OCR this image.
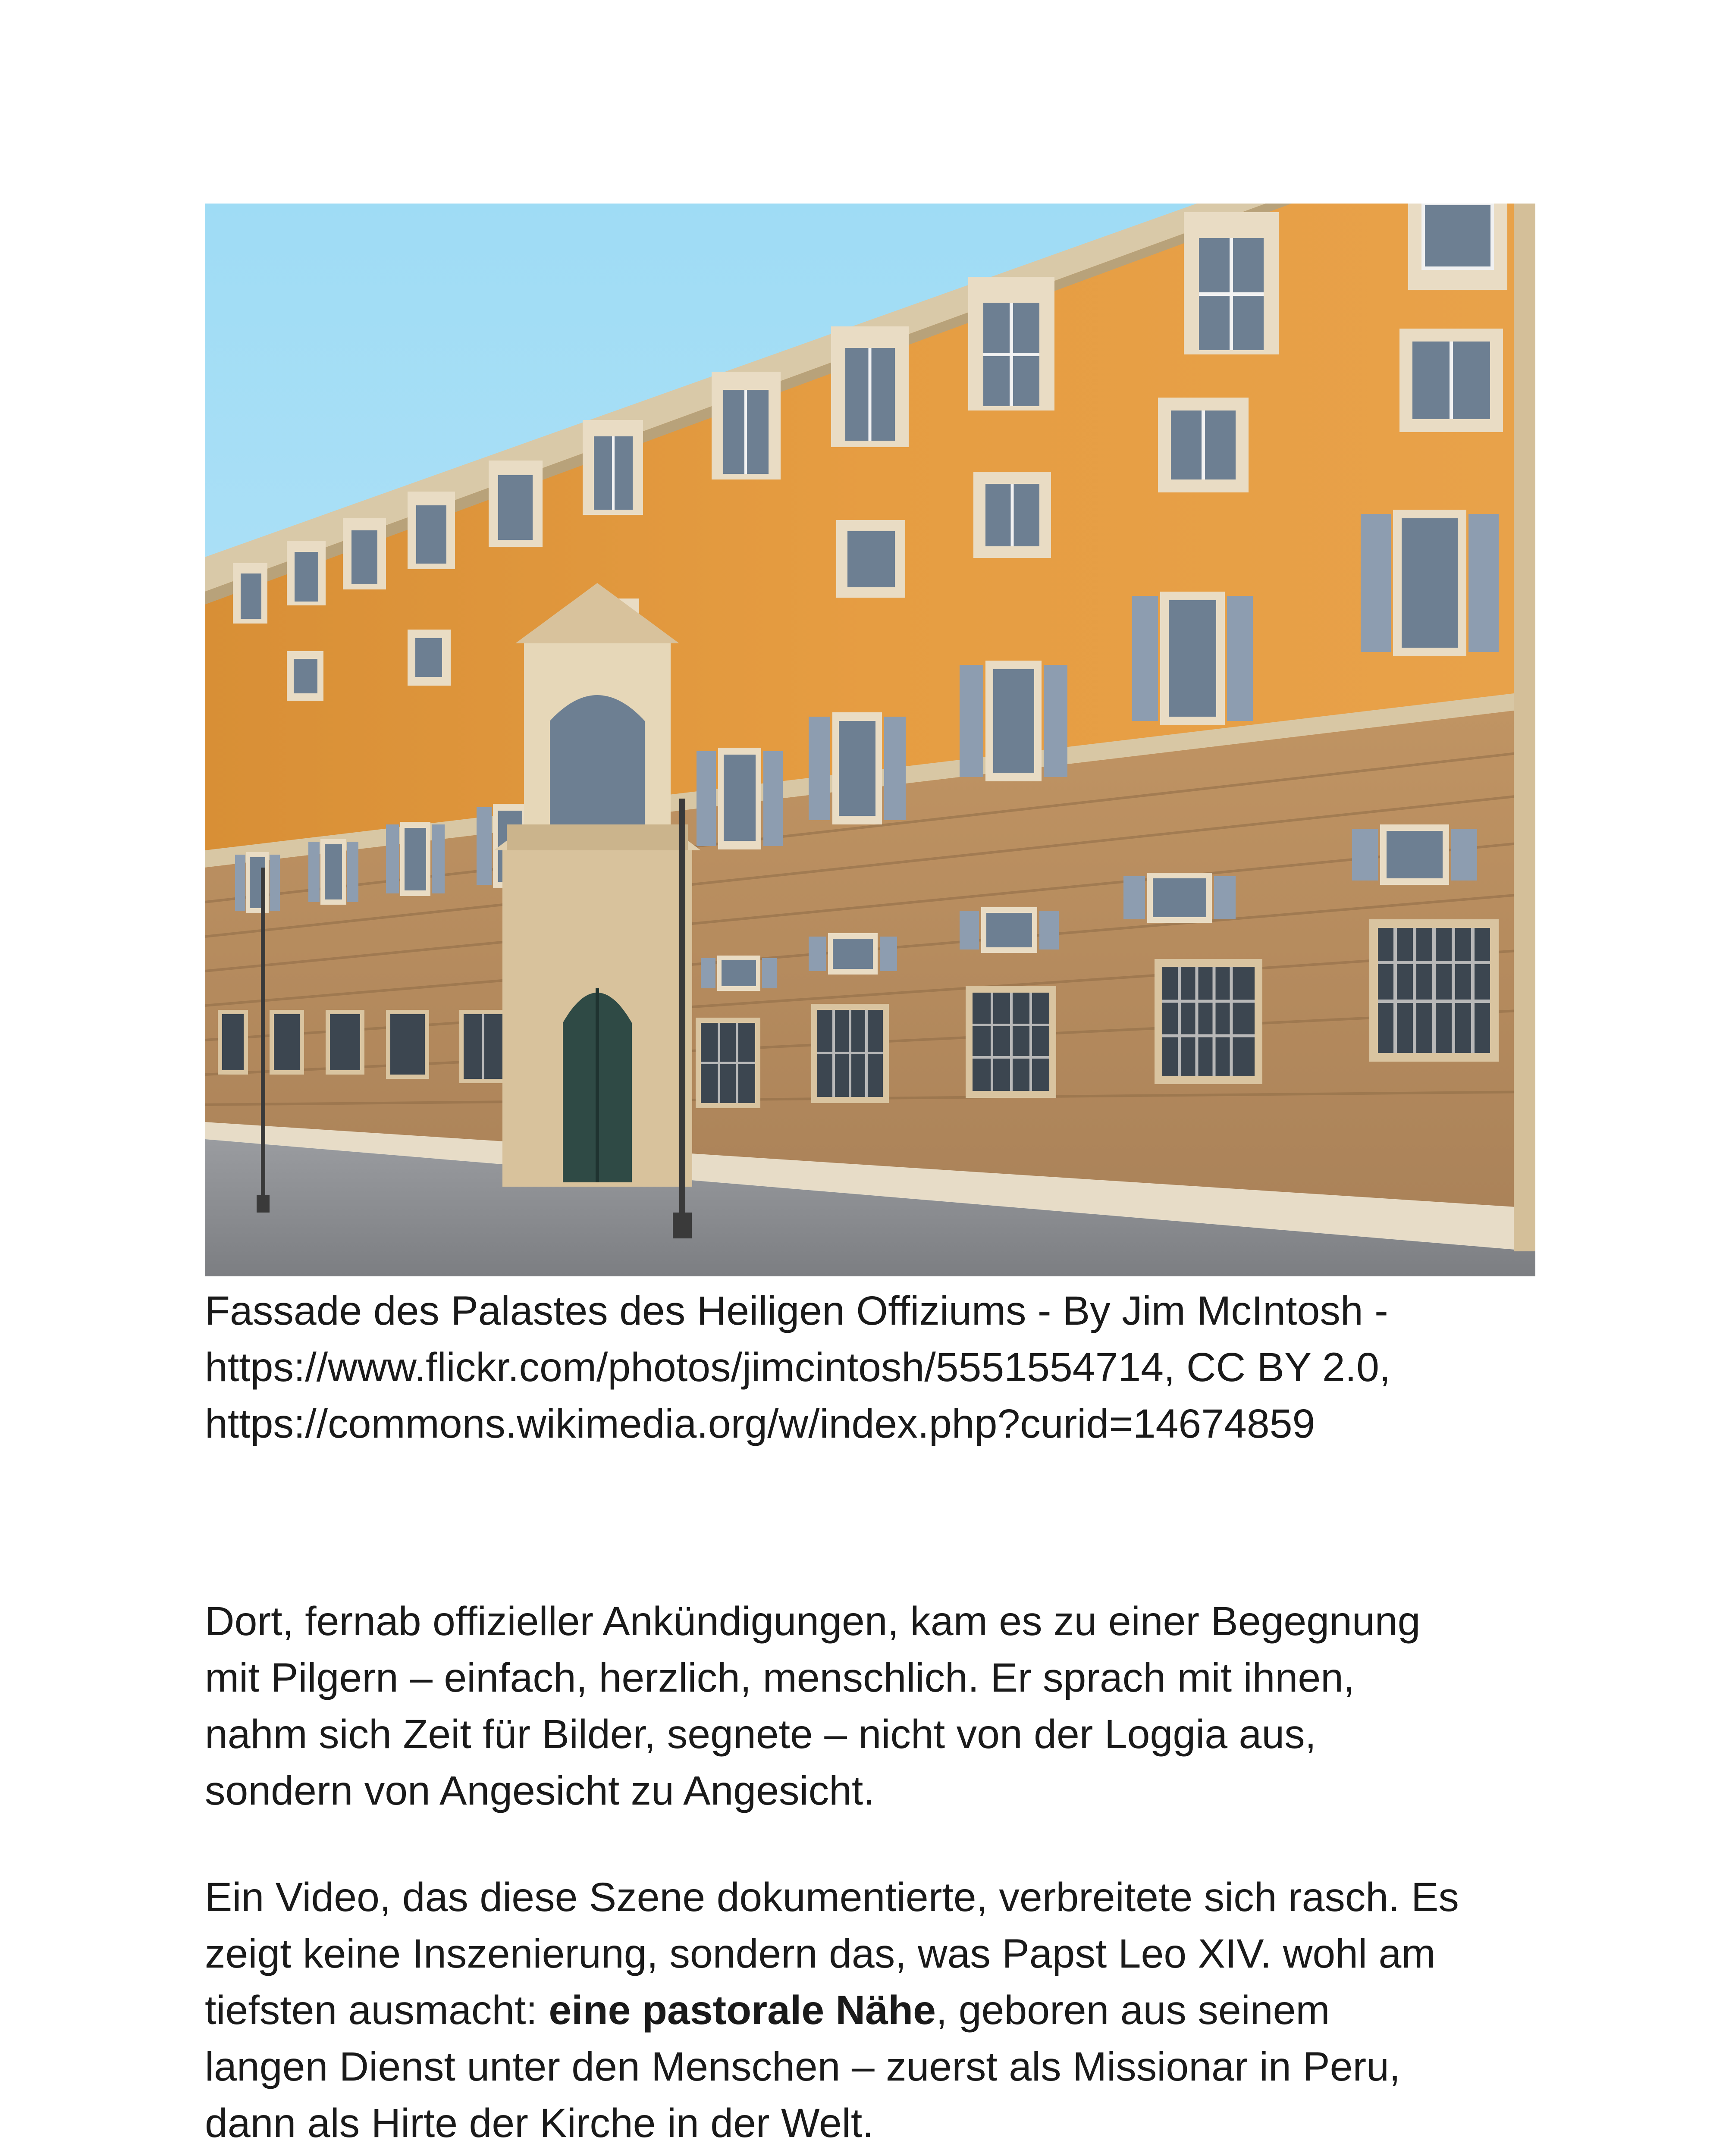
Fassade des Palastes des Heiligen Offiziums - By Jim McIntosh -
https://www.flickr.com/photos/jimcintosh/5551554714, CC BY 2.0,
https://commons.wikimedia.org/w/index.php?curid=14674859
Dort, fernab offizieller Ankündigungen, kam es zu einer Begegnung
mit Pilgern – einfach, herzlich, menschlich. Er sprach mit ihnen,
nahm sich Zeit für Bilder, segnete – nicht von der Loggia aus,
sondern von Angesicht zu Angesicht.
Ein Video, das diese Szene dokumentierte, verbreitete sich rasch. Es
zeigt keine Inszenierung, sondern das, was Papst Leo XIV. wohl am
tiefsten ausmacht: eine pastorale Nähe, geboren aus seinem
langen Dienst unter den Menschen – zuerst als Missionar in Peru,
dann als Hirte der Kirche in der Welt.
